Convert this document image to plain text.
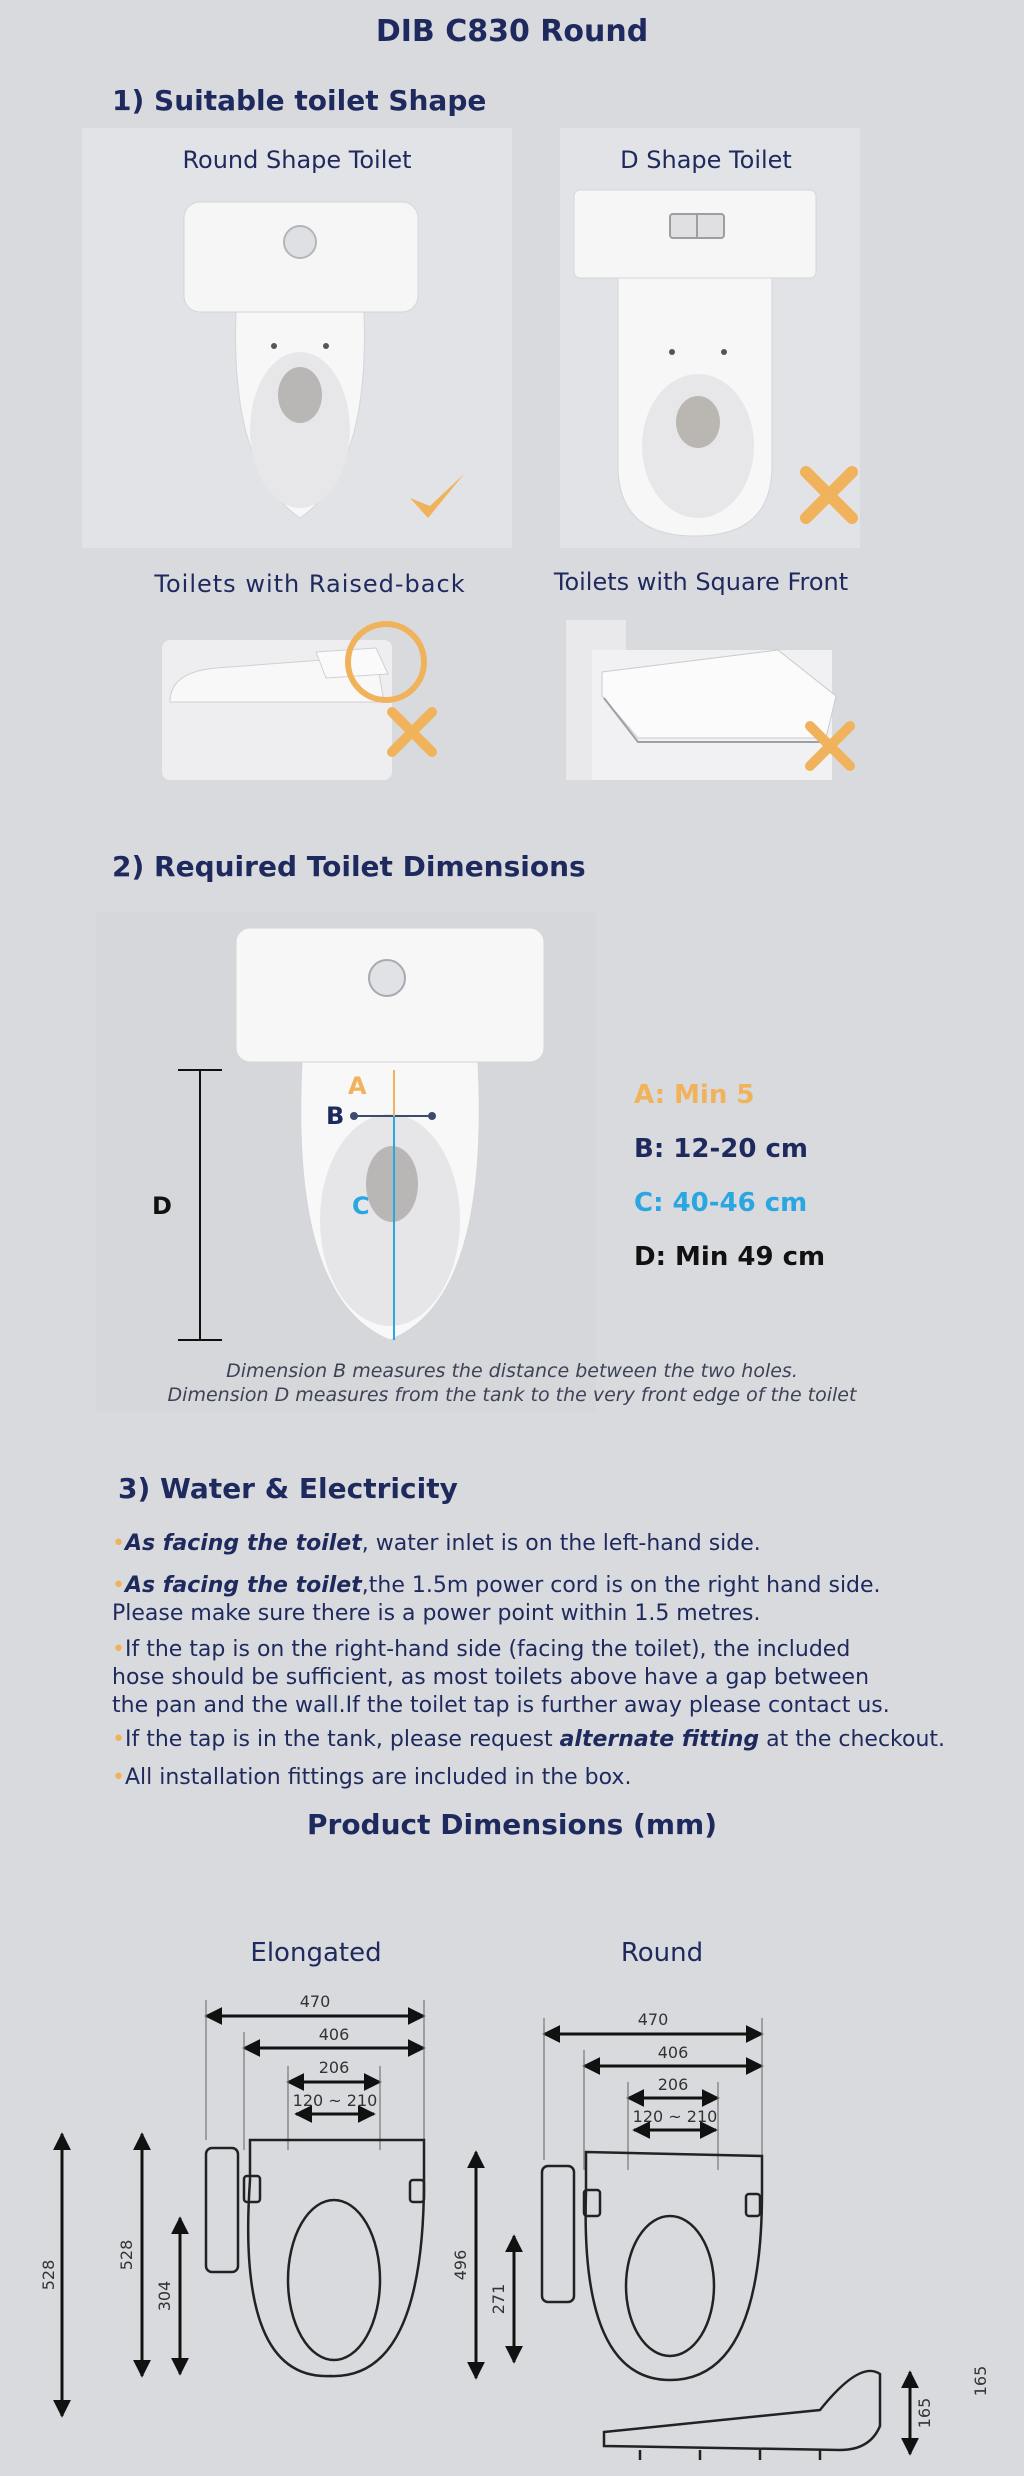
DIB C830 Round
1) Suitable toilet Shape
Round Shape Toilet	D Shape Toilet
Toilets with Raised-back	Toilets with Square Front
2) Required Toilet Dimensions
A
B
C
D
A: Min 5
B: 12-20 cm
C: 40-46 cm
D: Min 49 cm
Dimension B measures the distance between the two holes.
Dimension D measures from the tank to the very front edge of the toilet
3) Water & Electricity
•As facing the toilet, water inlet is on the left-hand side.
•As facing the toilet,the 1.5m power cord is on the right hand side.
Please make sure there is a power point within 1.5 metres.
•If the tap is on the right-hand side (facing the toilet), the included
hose should be sufficient, as most toilets above have a gap between
the pan and the wall.If the toilet tap is further away please contact us.
•If the tap is in the tank, please request alternate fitting at the checkout.
•All installation fittings are included in the box.
Product Dimensions (mm)
Elongated	Round
470
406
206
120 ~ 210
470
406
206
120 ~ 210
528
528
304
496
271
165
165
